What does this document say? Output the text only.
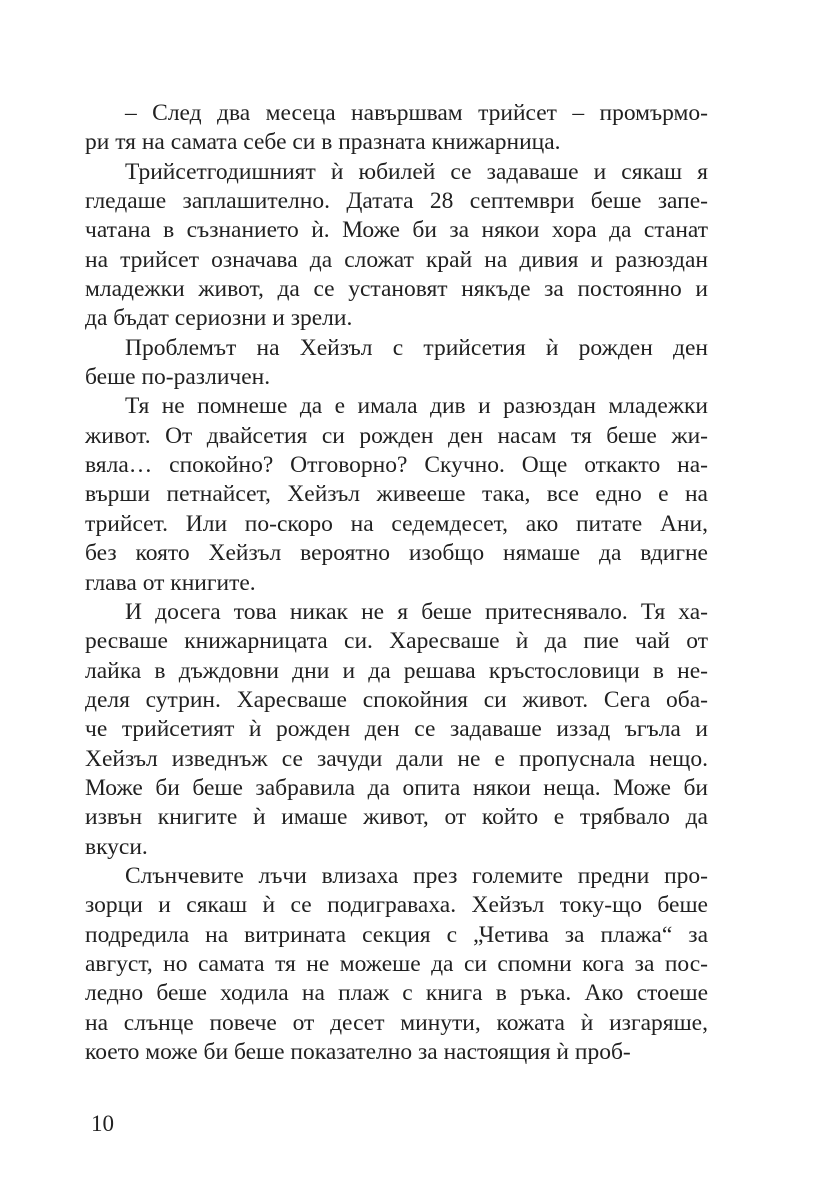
– След два месеца навършвам трийсет – промърмо-
ри тя на самата себе си в празната книжарница.
Трийсетгодишният ѝ юбилей се задаваше и сякаш я
гледаше заплашително. Датата 28 септември беше запе-
чатана в съзнанието ѝ. Може би за някои хора да станат
на трийсет означава да сложат край на дивия и разюздан
младежки живот, да се установят някъде за постоянно и
да бъдат сериозни и зрели.
Проблемът на Хейзъл с трийсетия ѝ рожден ден
беше по-различен.
Тя не помнеше да е имала див и разюздан младежки
живот. От двайсетия си рожден ден насам тя беше жи-
вяла… спокойно? Отговорно? Скучно. Още откакто на-
върши петнайсет, Хейзъл живееше така, все едно е на
трийсет. Или по-скоро на седемдесет, ако питате Ани,
без която Хейзъл вероятно изобщо нямаше да вдигне
глава от книгите.
И досега това никак не я беше притеснявало. Тя ха-
ресваше книжарницата си. Харесваше ѝ да пие чай от
лайка в дъждовни дни и да решава кръстословици в не-
деля сутрин. Харесваше спокойния си живот. Сега оба-
че трийсетият ѝ рожден ден се задаваше иззад ъгъла и
Хейзъл изведнъж се зачуди дали не е пропуснала нещо.
Може би беше забравила да опита някои неща. Може би
извън книгите ѝ имаше живот, от който е трябвало да
вкуси.
Слънчевите лъчи влизаха през големите предни про-
зорци и сякаш ѝ се подиграваха. Хейзъл току-що беше
подредила на витрината секция с „Четива за плажа“ за
август, но самата тя не можеше да си спомни кога за пос-
ледно беше ходила на плаж с книга в ръка. Ако стоеше
на слънце повече от десет минути, кожата ѝ изгаряше,
което може би беше показателно за настоящия ѝ проб-
10
